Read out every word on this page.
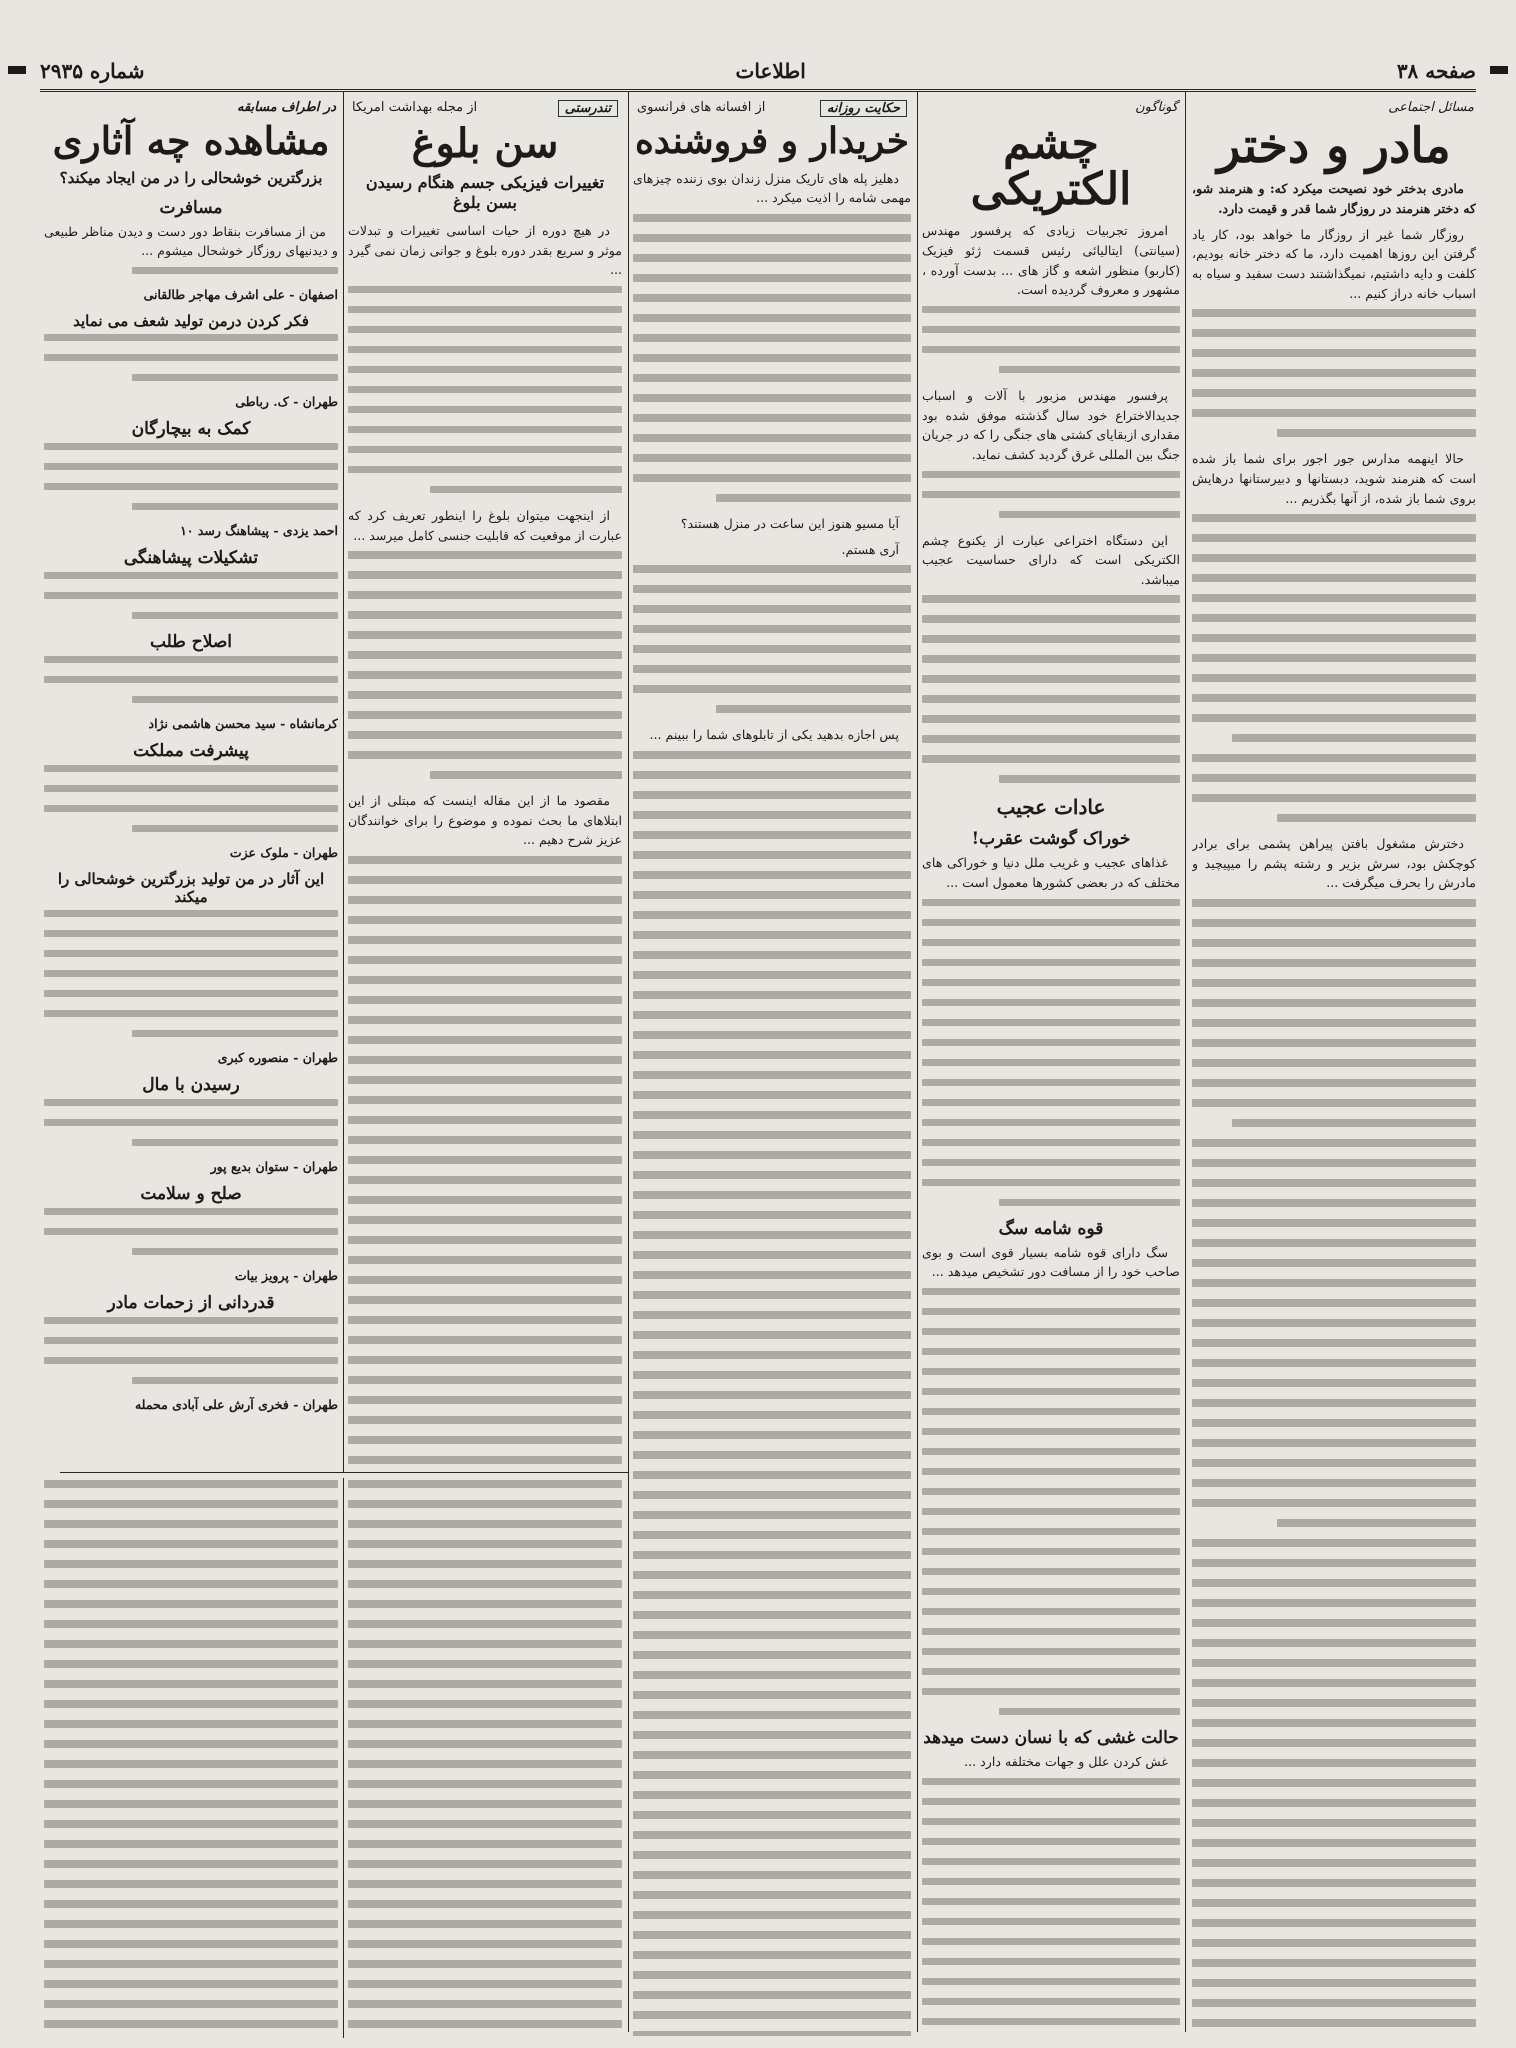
صفحه ۳۸
اطلاعات
شماره ۲۹۳۵
مسائل اجتماعی
مادر و دختر
مادری بدختر خود نصیحت میکرد که: و هنرمند شو، که دختر هنرمند در روزگار شما قدر و قیمت دارد.
روزگار شما غیر از روزگار ما خواهد بود، کار یاد گرفتن این روزها اهمیت دارد، ما که دختر خانه بودیم، کلفت و دایه داشتیم، نمیگذاشتند دست سفید و سیاه به اسباب خانه دراز کنیم ...
حالا اینهمه مدارس جور اجور برای شما باز شده است که هنرمند شوید، دبستانها و دبیرستانها درهایش بروی شما باز شده، از آنها بگذریم ...
دخترش مشغول بافتن پیراهن پشمی برای برادر کوچکش بود، سرش بزیر و رشته پشم را میپیچید و مادرش را بحرف میگرفت ...
گوناگون
چشم الکتریکی
امروز تجربیات زیادی که پرفسور مهندس (سیانتی) ایتالیائی رئیس قسمت ژئو فیزیک (کاربو) منظور اشعه و گاز های ... بدست آورده ، مشهور و معروف گردیده است.
پرفسور مهندس مزبور با آلات و اسباب جدیدالاختراع خود سال گذشته موفق شده بود مقداری ازبقایای کشتی های جنگی را که در جریان جنگ بین المللی غرق گردید کشف نماید.
این دستگاه اختراعی عبارت از یکنوع چشم الکتریکی است که دارای حساسیت عجیب میباشد.
عادات عجیب
خوراک گوشت عقرب!
غذاهای عجیب و غریب ملل دنیا و خوراکی های مختلف که در بعضی کشورها معمول است ...
قوه شامه سگ
سگ دارای قوه شامه بسیار قوی است و بوی صاحب خود را از مسافت دور تشخیص میدهد ...
حالت غشی که با نسان دست میدهد
غش کردن علل و جهات مختلفه دارد ...
حکایت روزانه
از افسانه های فرانسوی
خریدار و فروشنده
دهلیز پله های تاریک منزل زندان بوی زننده چیزهای مهمی شامه را اذیت میکرد ...
آیا مسیو هنوز این ساعت در منزل هستند؟
آری هستم.
پس اجازه بدهید یکی از تابلوهای شما را ببینم ...
تندرستی
از مجله بهداشت امریکا
سن بلوغ
تغییرات فیزیکی جسم هنگام رسیدن بسن بلوغ
در هیچ دوره از حیات اساسی تغییرات و تبدلات موثر و سریع بقدر دوره بلوغ و جوانی زمان نمی گیرد ...
از اینجهت میتوان بلوغ را اینطور تعریف کرد که عبارت از موقعیت که قابلیت جنسی کامل میرسد ...
مقصود ما از این مقاله اینست که مبتلی از این ابتلاهای ما بحث نموده و موضوع را برای خوانندگان عزیز شرح دهیم ...
در اطراف مسابقه
مشاهده چه آثاری
بزرگترین خوشحالی را در من ایجاد میکند؟
مسافرت
من از مسافرت بنقاط دور دست و دیدن مناظر طبیعی و دیدنیهای روزگار خوشحال میشوم ...
اصفهان - علی اشرف مهاجر طالقانی
فکر کردن درمن تولید شعف می نماید
طهران - ک. رباطی
کمک به بیچارگان
احمد یزدی - پیشاهنگ رسد ۱۰
تشکیلات پیشاهنگی
اصلاح طلب
کرمانشاه - سید محسن هاشمی نژاد
پیشرفت مملکت
طهران - ملوک عزت
این آثار در من تولید بزرگترین خوشحالی را میکند
طهران - منصوره کبری
رسیدن با مال
طهران - ستوان بدیع پور
صلح و سلامت
طهران - پرویز بیات
قدردانی از زحمات مادر
طهران - فخری آرش علی آبادی محمله
